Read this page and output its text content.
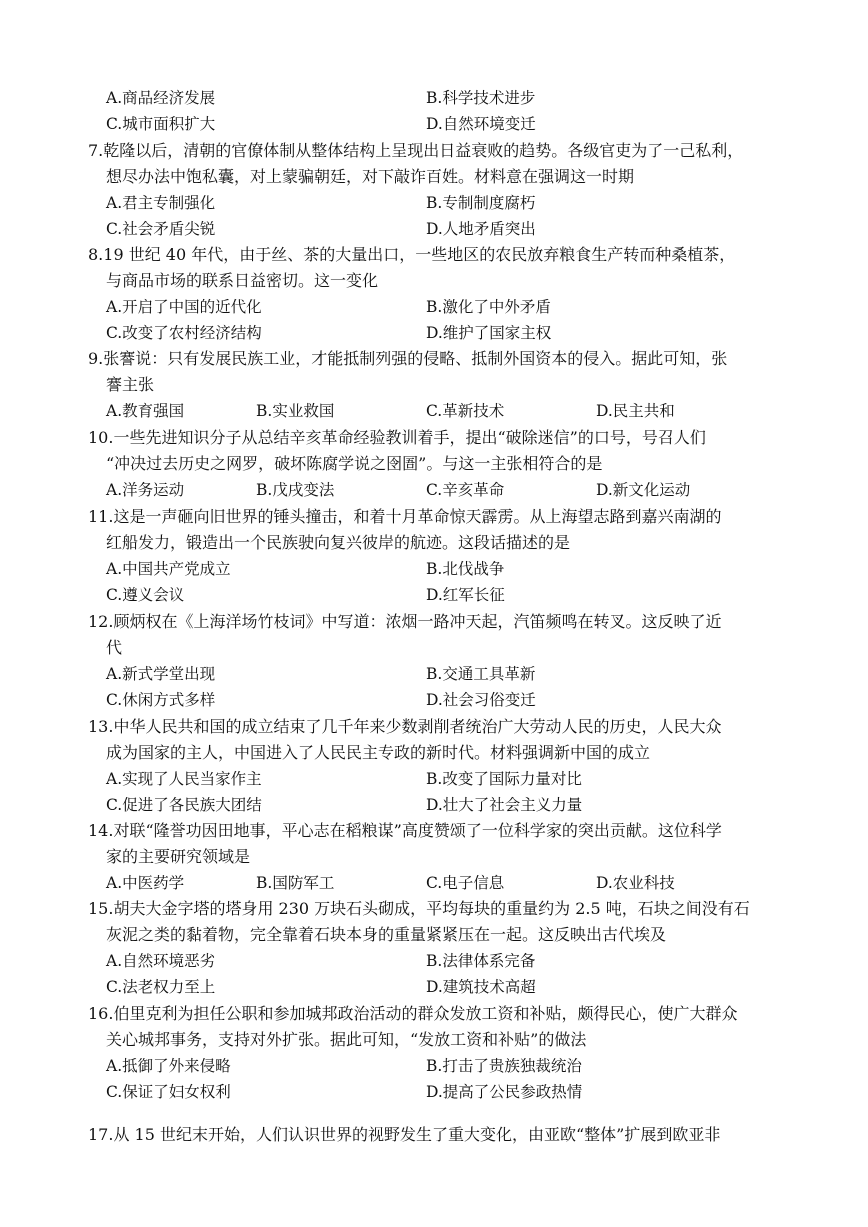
A.商品经济发展	B.科学技术进步
C.城市面积扩大	D.自然环境变迁

7.乾隆以后，清朝的官僚体制从整体结构上呈现出日益衰败的趋势。各级官吏为了一己私利，
想尽办法中饱私囊，对上蒙骗朝廷，对下敲诈百姓。材料意在强调这一时期

A.君主专制强化	B.专制制度腐朽
C.社会矛盾尖锐	D.人地矛盾突出

8.19 世纪 40 年代，由于丝、茶的大量出口，一些地区的农民放弃粮食生产转而种桑植茶，
与商品市场的联系日益密切。这一变化

A.开启了中国的近代化	B.激化了中外矛盾
C.改变了农村经济结构	D.维护了国家主权

9.张謇说：只有发展民族工业，才能抵制列强的侵略、抵制外国资本的侵入。据此可知，张
謇主张

A.教育强国	B.实业救国	C.革新技术	D.民主共和

10.一些先进知识分子从总结辛亥革命经验教训着手，提出“破除迷信”的口号，号召人们
“冲决过去历史之网罗，破坏陈腐学说之囹圄”。与这一主张相符合的是

A.洋务运动	B.戊戌变法	C.辛亥革命	D.新文化运动

11.这是一声砸向旧世界的锤头撞击，和着十月革命惊天霹雳。从上海望志路到嘉兴南湖的
红船发力，锻造出一个民族驶向复兴彼岸的航迹。这段话描述的是

A.中国共产党成立	B.北伐战争
C.遵义会议	D.红军长征

12.顾炳权在《上海洋场竹枝词》中写道：浓烟一路冲天起，汽笛频鸣在转叉。这反映了近
代

A.新式学堂出现	B.交通工具革新
C.休闲方式多样	D.社会习俗变迁

13.中华人民共和国的成立结束了几千年来少数剥削者统治广大劳动人民的历史，人民大众
成为国家的主人，中国进入了人民民主专政的新时代。材料强调新中国的成立

A.实现了人民当家作主	B.改变了国际力量对比
C.促进了各民族大团结	D.壮大了社会主义力量

14.对联“隆誉功因田地事，平心志在稻粮谋”高度赞颂了一位科学家的突出贡献。这位科学
家的主要研究领域是

A.中医药学	B.国防军工	C.电子信息	D.农业科技

15.胡夫大金字塔的塔身用 230 万块石头砌成，平均每块的重量约为 2.5 吨，石块之间没有石
灰泥之类的黏着物，完全靠着石块本身的重量紧紧压在一起。这反映出古代埃及

A.自然环境恶劣	B.法律体系完备
C.法老权力至上	D.建筑技术高超

16.伯里克利为担任公职和参加城邦政治活动的群众发放工资和补贴，颇得民心，使广大群众
关心城邦事务，支持对外扩张。据此可知，“发放工资和补贴”的做法

A.抵御了外来侵略	B.打击了贵族独裁统治
C.保证了妇女权利	D.提高了公民参政热情

17.从 15 世纪末开始，人们认识世界的视野发生了重大变化，由亚欧“整体”扩展到欧亚非
